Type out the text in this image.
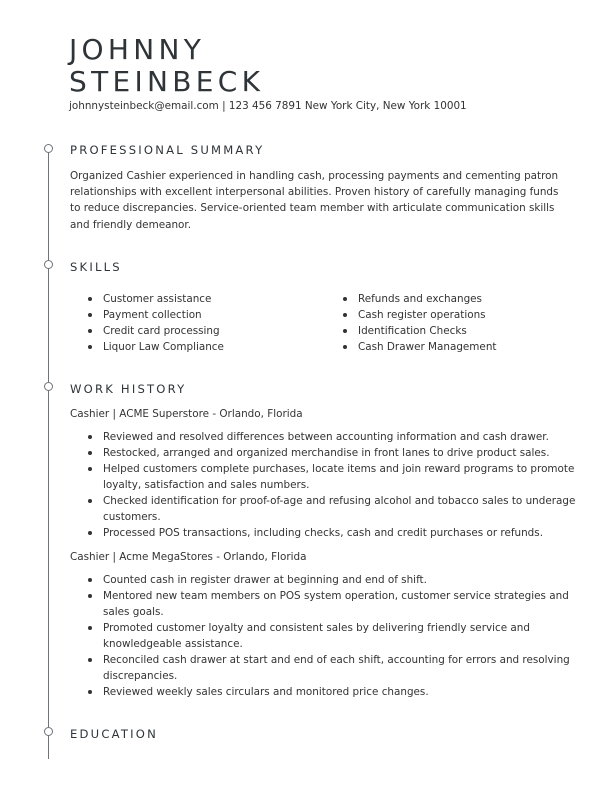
JOHNNY
STEINBECK
johnnysteinbeck@email.com | 123 456 7891 New York City, New York 10001
PROFESSIONAL SUMMARY

Organized Cashier experienced in handling cash, processing payments and cementing patron relationships with excellent interpersonal abilities. Proven history of carefully managing funds to reduce discrepancies. Service-oriented team member with articulate communication skills and friendly demeanor.

SKILLS
Customer assistance
Payment collection
Credit card processing
Liquor Law Compliance
Refunds and exchanges
Cash register operations
Identification Checks
Cash Drawer Management
WORK HISTORY
Cashier | ACME Superstore - Orlando, Florida
Reviewed and resolved differences between accounting information and cash drawer.
Restocked, arranged and organized merchandise in front lanes to drive product sales.
Helped customers complete purchases, locate items and join reward programs to promote loyalty, satisfaction and sales numbers.
Checked identification for proof-of-age and refusing alcohol and tobacco sales to underage customers.
Processed POS transactions, including checks, cash and credit purchases or refunds.
Cashier | Acme MegaStores - Orlando, Florida
Counted cash in register drawer at beginning and end of shift.
Mentored new team members on POS system operation, customer service strategies and sales goals.
Promoted customer loyalty and consistent sales by delivering friendly service and knowledgeable assistance.
Reconciled cash drawer at start and end of each shift, accounting for errors and resolving discrepancies.
Reviewed weekly sales circulars and monitored price changes.
EDUCATION
